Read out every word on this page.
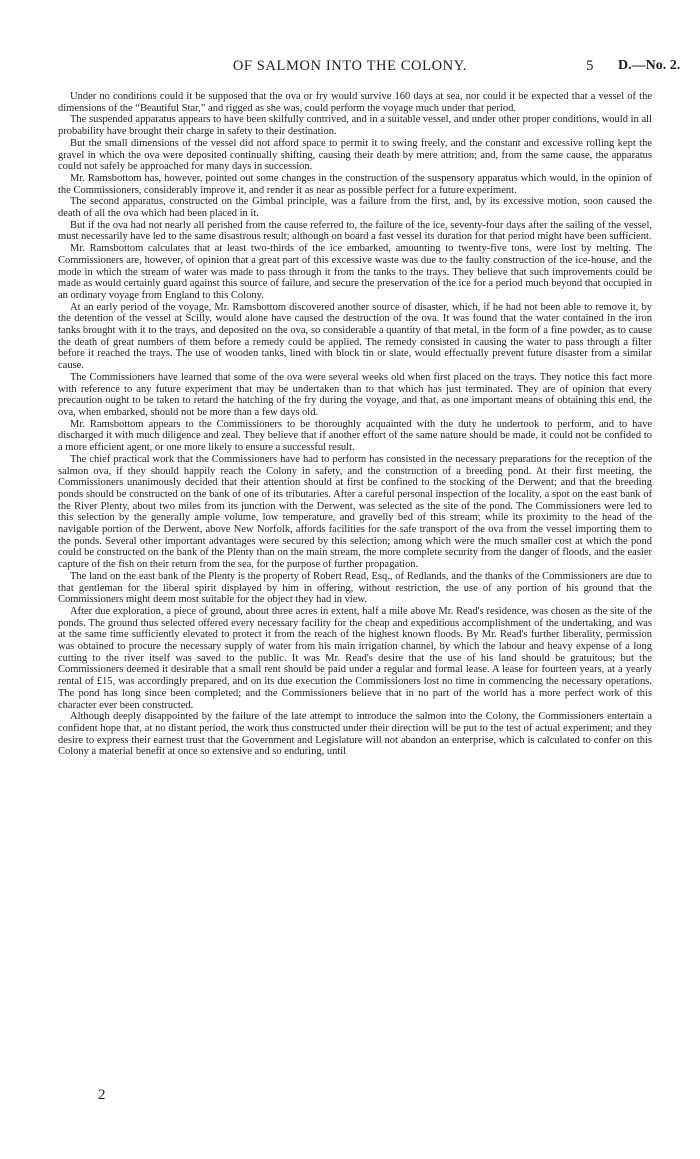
OF SALMON INTO THE COLONY.	5 D.—No. 2.

Under no conditions could it be supposed that the ova or fry would survive 160 days at sea, nor could it be expected that a vessel of the dimensions of the “Beautiful Star,” and rigged as she was, could perform the voyage much under that period.

The suspended apparatus appears to have been skilfully contrived, and in a suitable vessel, and under other proper conditions, would in all probability have brought their charge in safety to their destination.

But the small dimensions of the vessel did not afford space to permit it to swing freely, and the constant and excessive rolling kept the gravel in which the ova were deposited continually shifting, causing their death by mere attrition; and, from the same cause, the apparatus could not safely be approached for many days in succession.

Mr. Ramsbottom has, however, pointed out some changes in the construction of the suspensory apparatus which would, in the opinion of the Commissioners, considerably improve it, and render it as near as possible perfect for a future experiment.

The second apparatus, constructed on the Gimbal principle, was a failure from the first, and, by its excessive motion, soon caused the death of all the ova which had been placed in it.

But if the ova had not nearly all perished from the cause referred to, the failure of the ice, seventy-four days after the sailing of the vessel, must necessarily have led to the same disastrous result; although on board a fast vessel its duration for that period might have been sufficient.

Mr. Ramsbottom calculates that at least two-thirds of the ice embarked, amounting to twenty-five tons, were lost by melting. The Commissioners are, however, of opinion that a great part of this excessive waste was due to the faulty construction of the ice-house, and the mode in which the stream of water was made to pass through it from the tanks to the trays. They believe that such improvements could be made as would certainly guard against this source of failure, and secure the preservation of the ice for a period much beyond that occupied in an ordinary voyage from England to this Colony.

At an early period of the voyage, Mr. Ramsbottom discovered another source of disaster, which, if he had not been able to remove it, by the detention of the vessel at Scilly, would alone have caused the destruction of the ova. It was found that the water contained in the iron tanks brought with it to the trays, and deposited on the ova, so considerable a quantity of that metal, in the form of a fine powder, as to cause the death of great numbers of them before a remedy could be applied. The remedy consisted in causing the water to pass through a filter before it reached the trays. The use of wooden tanks, lined with block tin or slate, would effectually prevent future disaster from a similar cause.

The Commissioners have learned that some of the ova were several weeks old when first placed on the trays. They notice this fact more with reference to any future experiment that may be undertaken than to that which has just terminated. They are of opinion that every precaution ought to be taken to retard the hatching of the fry during the voyage, and that, as one important means of obtaining this end, the ova, when embarked, should not be more than a few days old.

Mr. Ramsbottom appears to the Commissioners to be thoroughly acquainted with the duty he undertook to perform, and to have discharged it with much diligence and zeal. They believe that if another effort of the same nature should be made, it could not be confided to a more efficient agent, or one more likely to ensure a successful result.

The chief practical work that the Commissioners have had to perform has consisted in the necessary preparations for the reception of the salmon ova, if they should happily reach the Colony in safety, and the construction of a breeding pond. At their first meeting, the Commissioners unanimously decided that their attention should at first be confined to the stocking of the Derwent; and that the breeding ponds should be constructed on the bank of one of its tributaries. After a careful personal inspection of the locality, a spot on the east bank of the River Plenty, about two miles from its junction with the Derwent, was selected as the site of the pond. The Commissioners were led to this selection by the generally ample volume, low temperature, and gravelly bed of this stream; while its proximity to the head of the navigable portion of the Derwent, above New Norfolk, affords facilities for the safe transport of the ova from the vessel importing them to the ponds. Several other important advantages were secured by this selection; among which were the much smaller cost at which the pond could be constructed on the bank of the Plenty than on the main stream, the more complete security from the danger of floods, and the easier capture of the fish on their return from the sea, for the purpose of further propagation.

The land on the east bank of the Plenty is the property of Robert Read, Esq., of Redlands, and the thanks of the Commissioners are due to that gentleman for the liberal spirit displayed by him in offering, without restriction, the use of any portion of his ground that the Commissioners might deem most suitable for the object they had in view.

After due exploration, a piece of ground, about three acres in extent, half a mile above Mr. Read's residence, was chosen as the site of the ponds. The ground thus selected offered every necessary facility for the cheap and expeditious accomplishment of the undertaking, and was at the same time sufficiently elevated to protect it from the reach of the highest known floods. By Mr. Read's further liberality, permission was obtained to procure the necessary supply of water from his main irrigation channel, by which the labour and heavy expense of a long cutting to the river itself was saved to the public. It was Mr. Read's desire that the use of his land should be gratuitous; but the Commissioners deemed it desirable that a small rent should be paid under a regular and formal lease. A lease for fourteen years, at a yearly rental of £15, was accordingly prepared, and on its due execution the Commissioners lost no time in commencing the necessary operations. The pond has long since been completed; and the Commissioners believe that in no part of the world has a more perfect work of this character ever been constructed.

Although deeply disappointed by the failure of the late attempt to introduce the salmon into the Colony, the Commissioners entertain a confident hope that, at no distant period, the work thus constructed under their direction will be put to the test of actual experiment; and they desire to express their earnest trust that the Government and Legislature will not abandon an enterprise, which is calculated to confer on this Colony a material benefit at once so extensive and so enduring, until

2
